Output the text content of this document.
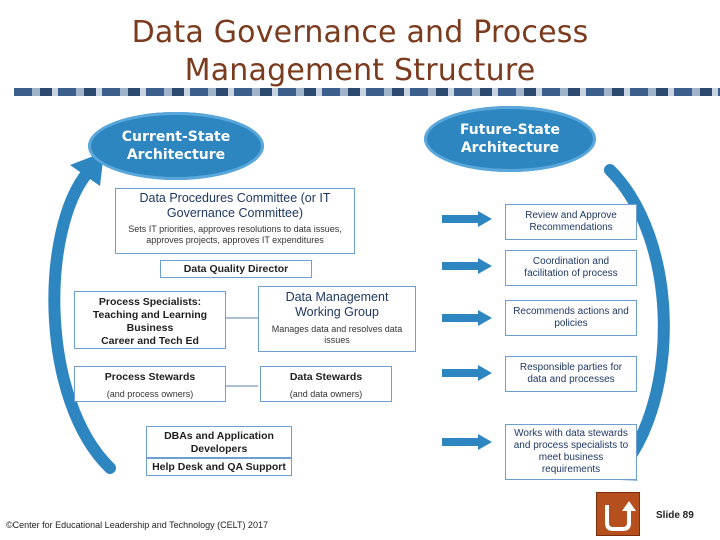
Data Governance and Process
Management Structure
Current-State
Architecture
Future-State
Architecture
Data Procedures Committee (or IT Governance Committee)
Sets IT priorities, approves resolutions to data issues, approves projects, approves IT expenditures
Data Quality Director
Process Specialists:
Teaching and Learning
Business
Career and Tech Ed
Data Management Working Group
Manages data and resolves data issues
Process Stewards
(and process owners)
Data Stewards
(and data owners)
DBAs and Application
Developers
Help Desk and QA Support
Review and Approve Recommendations
Coordination and facilitation of process
Recommends actions and policies
Responsible parties for data and processes
Works with data stewards and process specialists to meet business requirements
©Center for Educational Leadership and Technology (CELT) 2017
Slide 89
